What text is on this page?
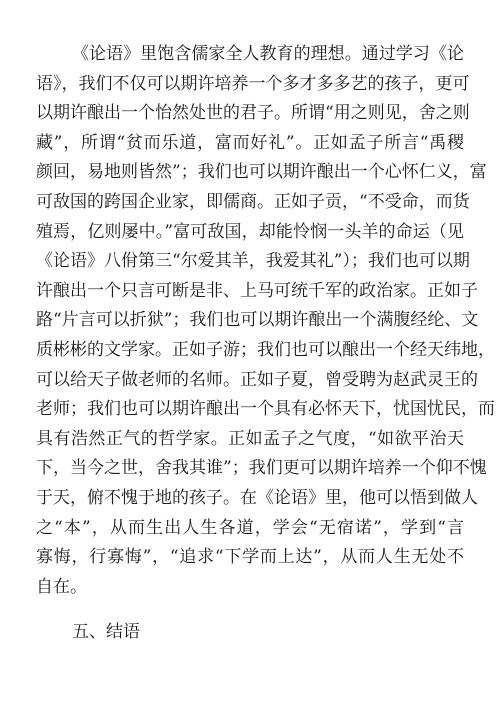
《论语》里饱含儒家全人教育的理想。通过学习《论
语》，我们不仅可以期许培养一个多才多多艺的孩子，更可
以期许酿出一个怡然处世的君子。所谓“用之则见，舍之则
藏”，所谓“贫而乐道，富而好礼”。正如孟子所言“禹稷
颜回，易地则皆然”；我们也可以期许酿出一个心怀仁义，富
可敌国的跨国企业家，即儒商。正如子贡，“不受命，而货
殖焉，亿则屡中。”富可敌国，却能怜悯一头羊的命运（见
《论语》八佾第三“尔爱其羊，我爱其礼”）；我们也可以期
许酿出一个只言可断是非、上马可统千军的政治家。正如子
路“片言可以折狱”；我们也可以期许酿出一个满腹经纶、文
质彬彬的文学家。正如子游；我们也可以酿出一个经天纬地，
可以给天子做老师的名师。正如子夏，曾受聘为赵武灵王的
老师；我们也可以期许酿出一个具有必怀天下，忧国忧民，而
具有浩然正气的哲学家。正如孟子之气度，“如欲平治天
下，当今之世，舍我其谁”；我们更可以期许培养一个仰不愧
于天，俯不愧于地的孩子。在《论语》里，他可以悟到做人
之“本”，从而生出人生各道，学会“无宿诺”，学到“言
寡悔，行寡悔”，“追求“下学而上达”，从而人生无处不
自在。
五、结语
